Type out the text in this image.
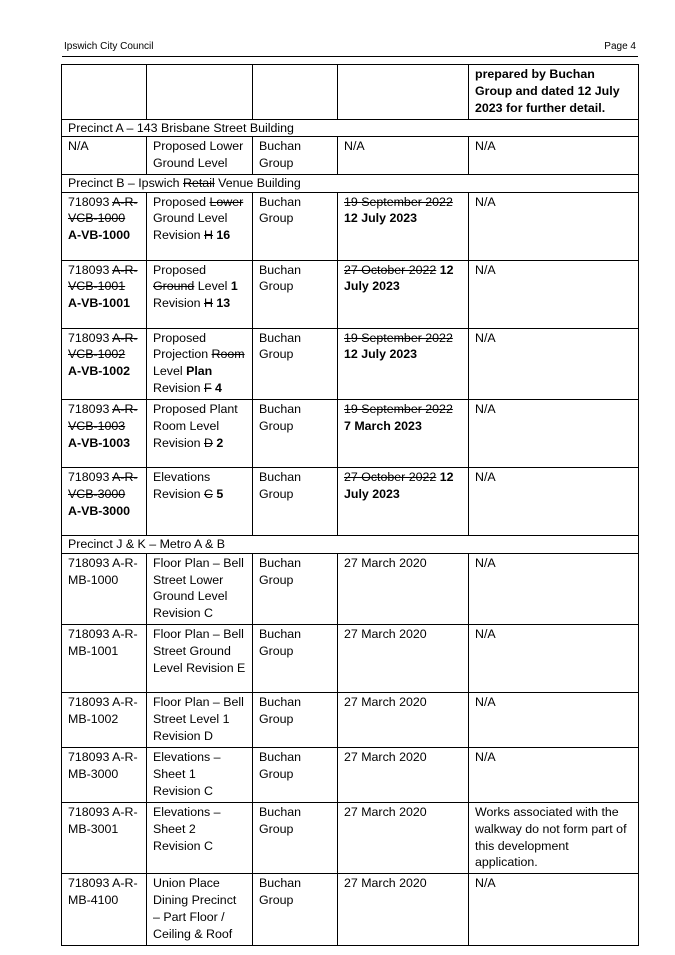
Ipswich City Council	Page 4
				prepared by Buchan Group and dated 12 July 2023 for further detail.
Precinct A – 143 Brisbane Street Building				
N/A	Proposed Lower Ground Level	Buchan Group	N/A	N/A
Precinct B – Ipswich Retail Venue Building				
718093 A-R-VCB-1000 A-VB-1000	Proposed Lower Ground Level Revision H 16	Buchan Group	19 September 2022 12 July 2023	N/A
718093 A-R-VCB-1001 A-VB-1001	Proposed Ground Level 1 Revision H 13	Buchan Group	27 October 2022 12 July 2023	N/A
718093 A-R-VCB-1002 A-VB-1002	Proposed Projection Room Level Plan Revision F 4	Buchan Group	19 September 2022 12 July 2023	N/A
718093 A-R-VCB-1003 A-VB-1003	Proposed Plant Room Level Revision D 2	Buchan Group	19 September 2022 7 March 2023	N/A
718093 A-R-VCB-3000 A-VB-3000	Elevations Revision C 5	Buchan Group	27 October 2022 12 July 2023	N/A
Precinct J & K – Metro A & B				
718093 A-R-MB-1000	Floor Plan – Bell Street Lower Ground Level Revision C	Buchan Group	27 March 2020	N/A
718093 A-R-MB-1001	Floor Plan – Bell Street Ground Level Revision E	Buchan Group	27 March 2020	N/A
718093 A-R-MB-1002	Floor Plan – Bell Street Level 1 Revision D	Buchan Group	27 March 2020	N/A
718093 A-R-MB-3000	Elevations – Sheet 1 Revision C	Buchan Group	27 March 2020	N/A
718093 A-R-MB-3001	Elevations – Sheet 2 Revision C	Buchan Group	27 March 2020	Works associated with the walkway do not form part of this development application.
718093 A-R-MB-4100	Union Place Dining Precinct – Part Floor / Ceiling & Roof	Buchan Group	27 March 2020	N/A
